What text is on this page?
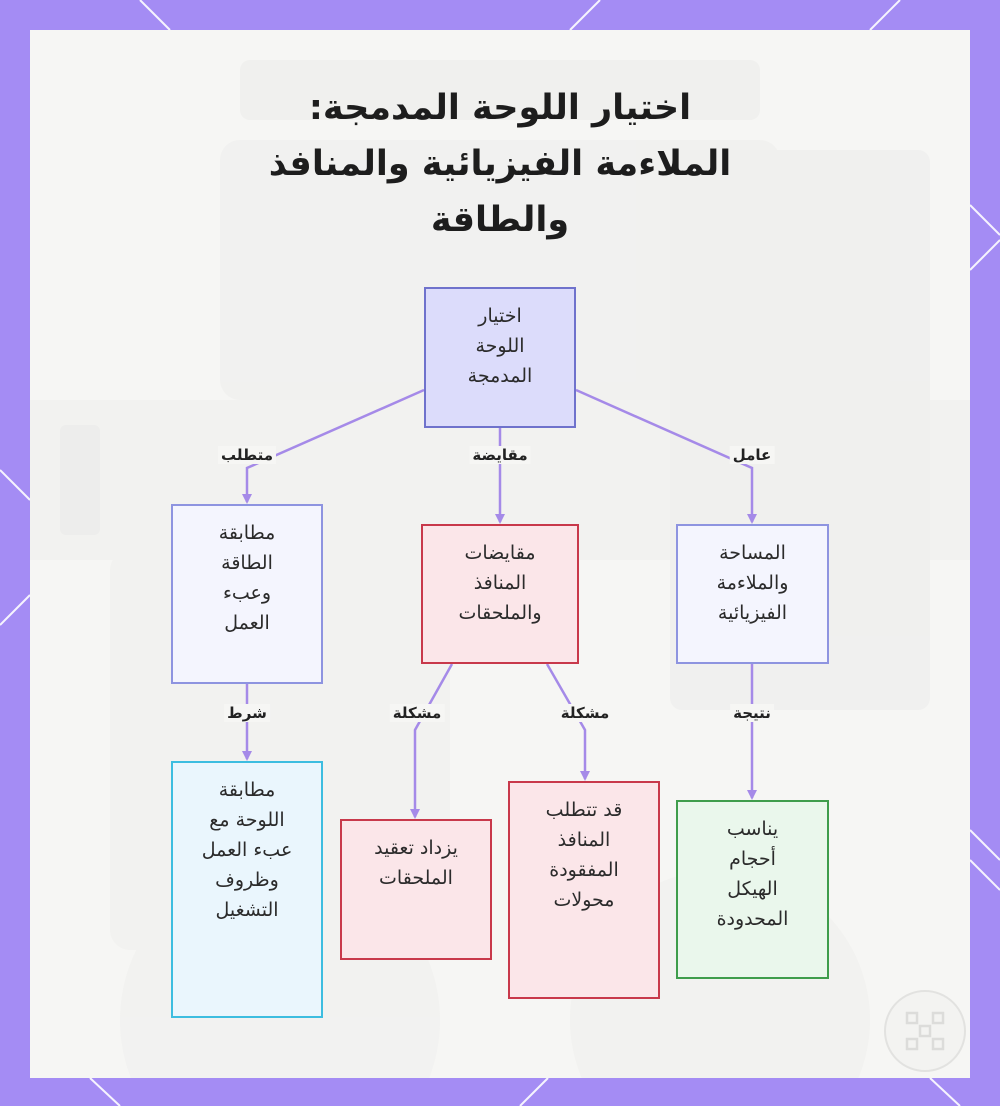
اختيار اللوحة المدمجة:
الملاءمة الفيزيائية والمنافذ
والطاقة
اختيار
اللوحة
المدمجة
مطابقة
الطاقة
وعبء
العمل
مقايضات
المنافذ
والملحقات
المساحة
والملاءمة
الفيزيائية
مطابقة
اللوحة مع
عبء العمل
وظروف
التشغيل
يزداد تعقيد
الملحقات
قد تتطلب
المنافذ
المفقودة
محولات
يناسب
أحجام
الهيكل
المحدودة
متطلب	مقايضة	عامل
شرط	مشكلة	مشكلة	نتيجة
